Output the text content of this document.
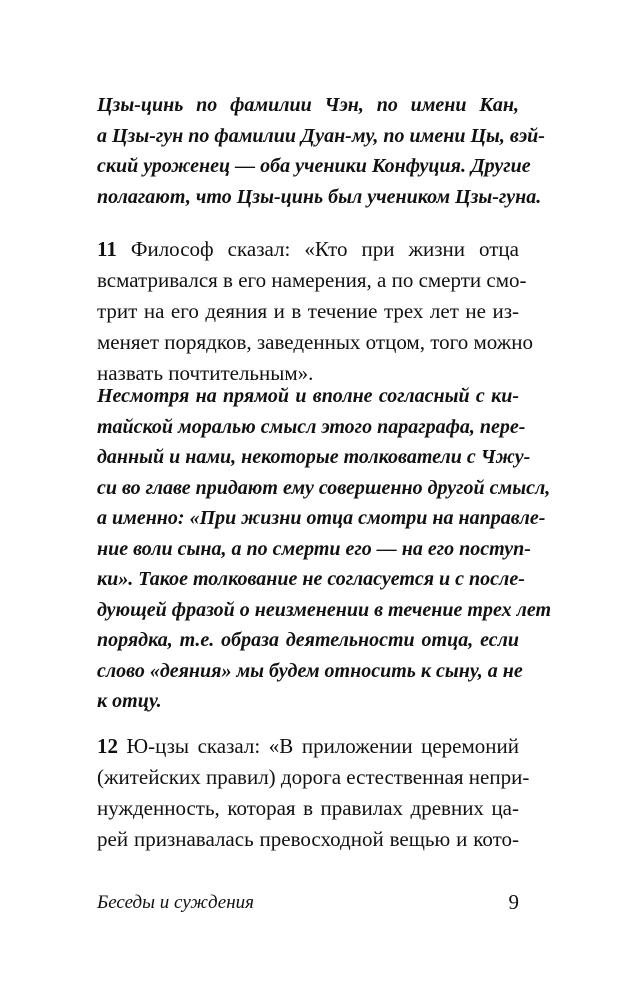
Цзы-цинь по фамилии Чэн, по имени Кан,
а Цзы-гун по фамилии Дуан-му, по имени Цы, вэй-
ский уроженец — оба ученики Конфуция. Другие
полагают, что Цзы-цинь был учеником Цзы-гуна.
11 Философ сказал: «Кто при жизни отца
всматривался в его намерения, а по смерти смо-
трит на его деяния и в течение трех лет не из-
меняет порядков, заведенных отцом, того можно
назвать почтительным».
Несмотря на прямой и вполне согласный с ки-
тайской моралью смысл этого параграфа, пере-
данный и нами, некоторые толкователи с Чжу-
си во главе придают ему совершенно другой смысл,
а именно: «При жизни отца смотри на направле-
ние воли сына, а по смерти его — на его поступ-
ки». Такое толкование не согласуется и с после-
дующей фразой о неизменении в течение трех лет
порядка, т.е. образа деятельности отца, если
слово «деяния» мы будем относить к сыну, а не
к отцу.
12 Ю-цзы сказал: «В приложении церемоний
(житейских правил) дорога естественная непри-
нужденность, которая в правилах древних ца-
рей признавалась превосходной вещью и кото-
Беседы и суждения	9
